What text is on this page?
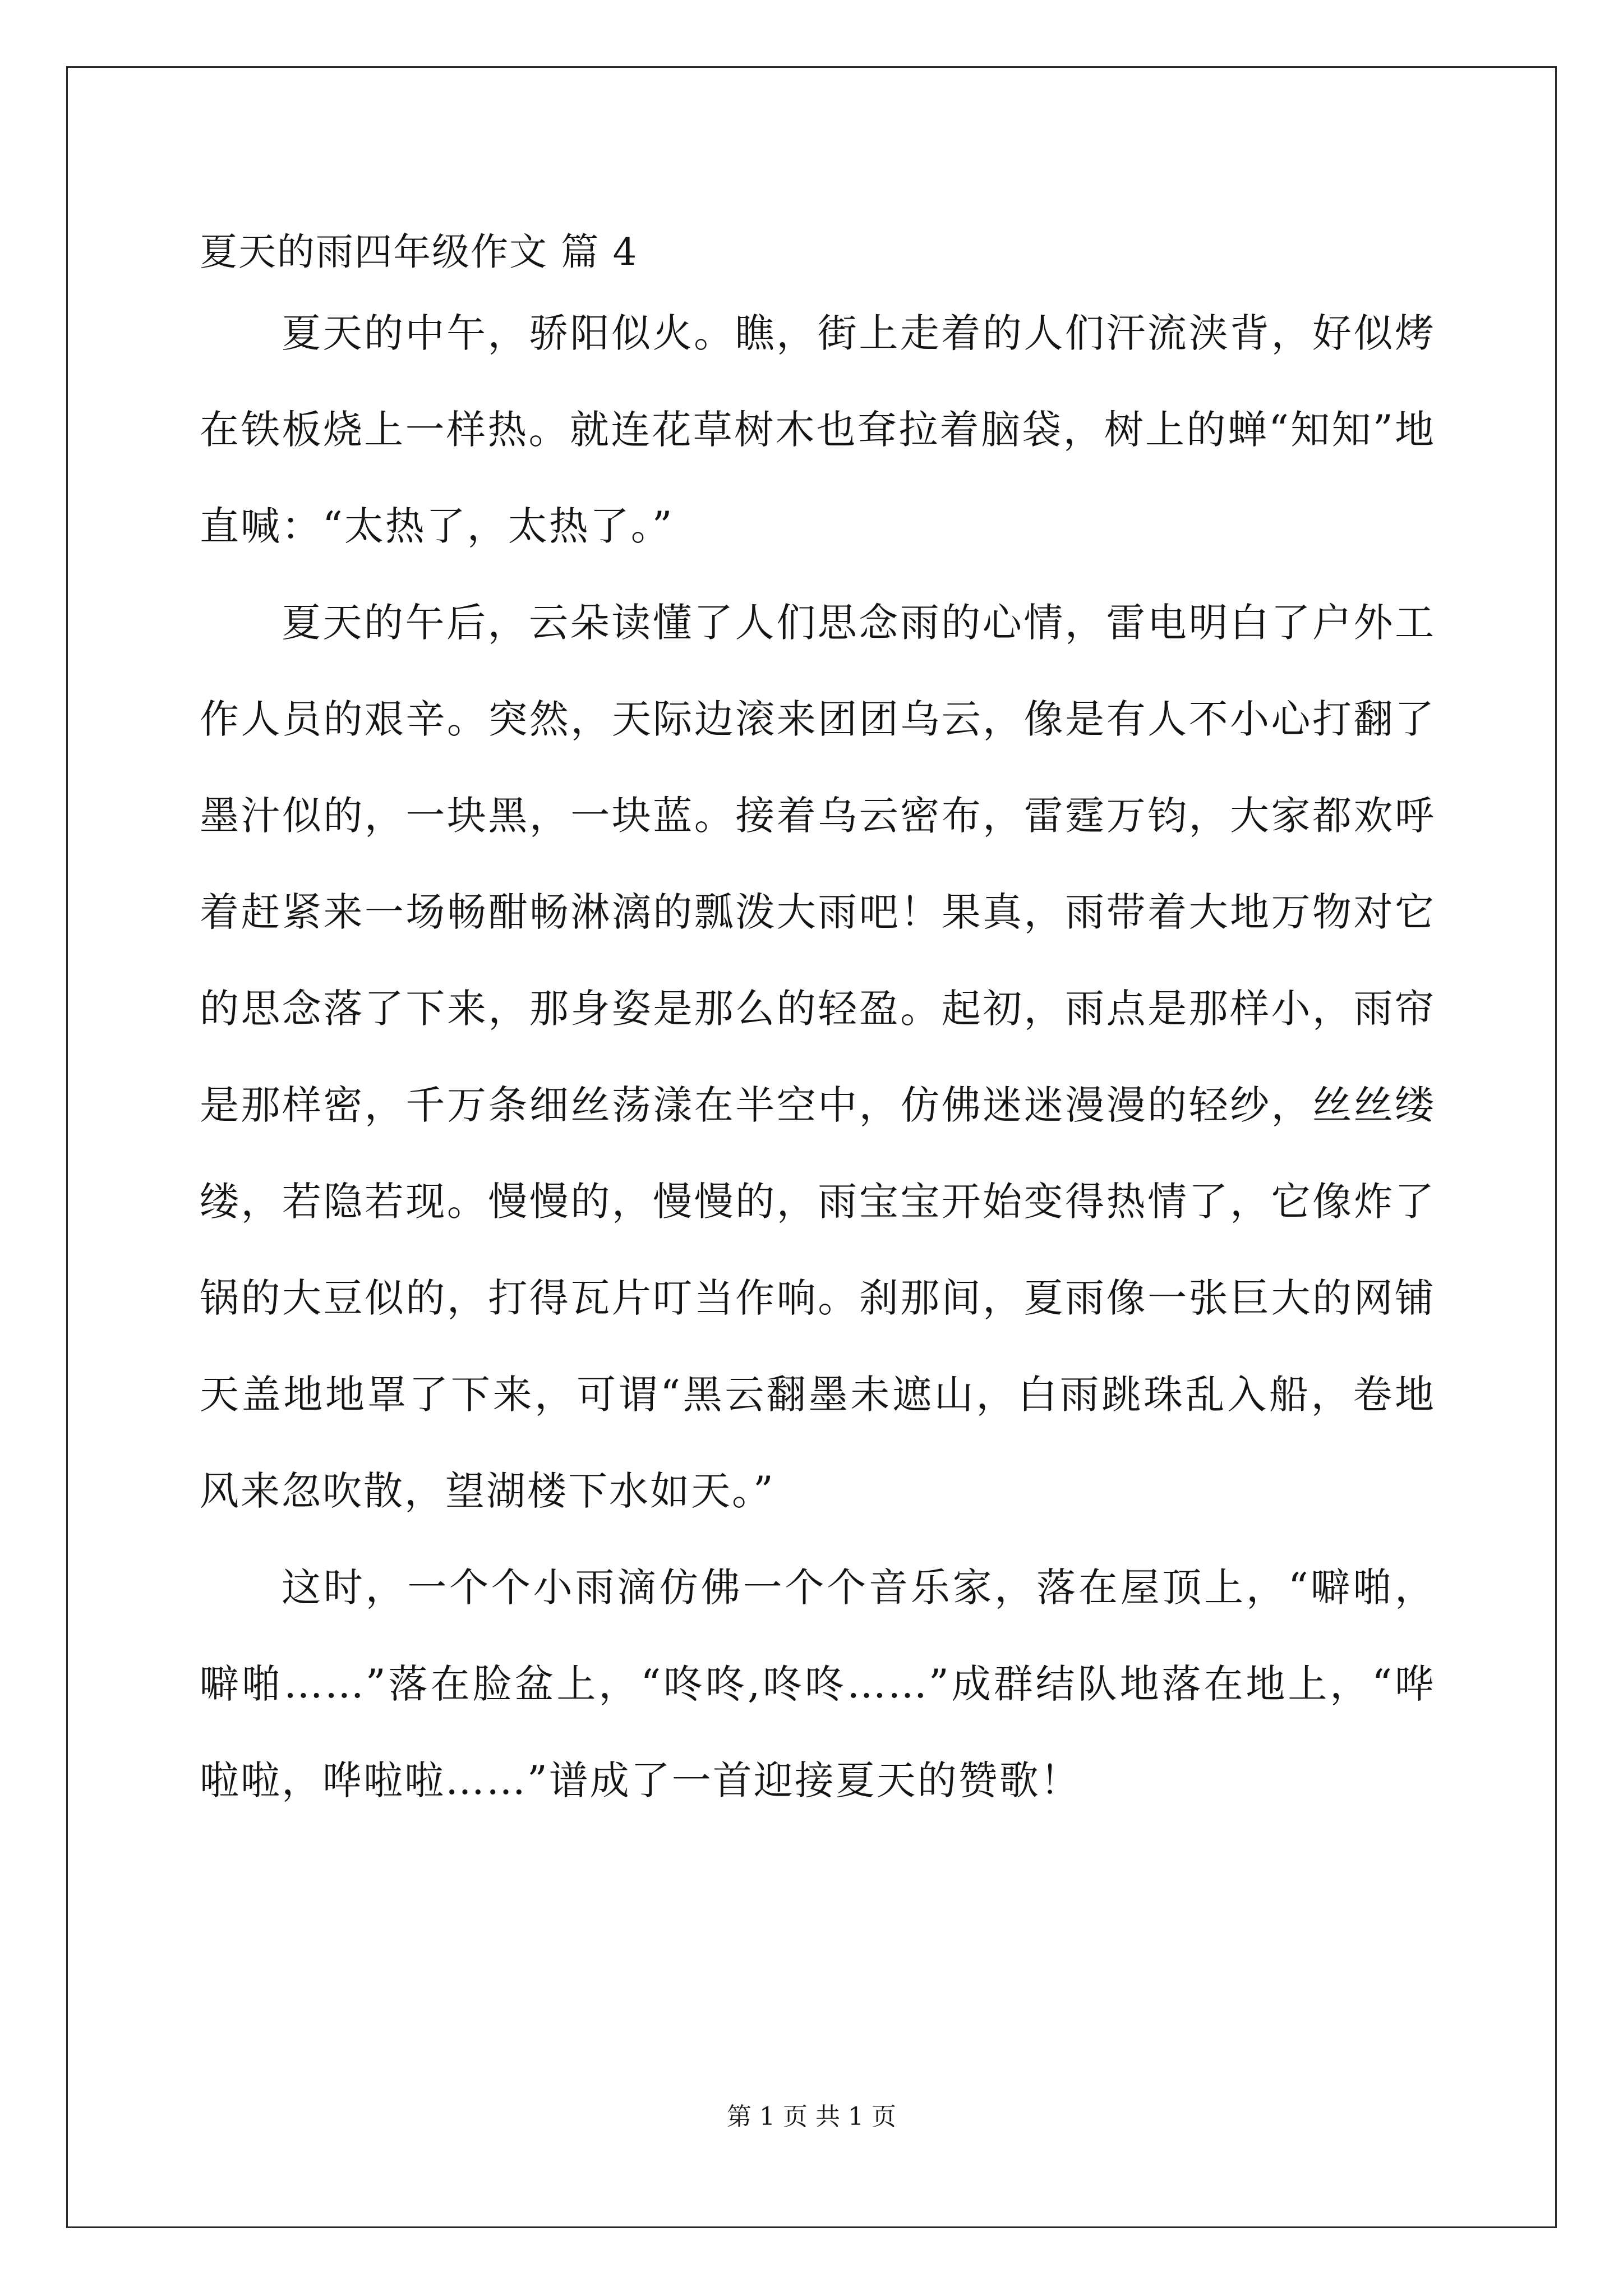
夏天的雨四年级作文 篇 4

夏天的中午，骄阳似火。瞧，街上走着的人们汗流浃背，好似烤在铁板烧上一样热。就连花草树木也耷拉着脑袋，树上的蝉“知知”地直喊：“太热了，太热了。”

夏天的午后，云朵读懂了人们思念雨的心情，雷电明白了户外工作人员的艰辛。突然，天际边滚来团团乌云，像是有人不小心打翻了墨汁似的，一块黑，一块蓝。接着乌云密布，雷霆万钧，大家都欢呼着赶紧来一场畅酣畅淋漓的瓢泼大雨吧！果真，雨带着大地万物对它的思念落了下来，那身姿是那么的轻盈。起初，雨点是那样小，雨帘是那样密，千万条细丝荡漾在半空中，仿佛迷迷漫漫的轻纱，丝丝缕缕，若隐若现。慢慢的，慢慢的，雨宝宝开始变得热情了，它像炸了锅的大豆似的，打得瓦片叮当作响。刹那间，夏雨像一张巨大的网铺天盖地地罩了下来，可谓“黑云翻墨未遮山，白雨跳珠乱入船，卷地风来忽吹散，望湖楼下水如天。”

这时，一个个小雨滴仿佛一个个音乐家，落在屋顶上，“噼啪，噼啪……”落在脸盆上，“咚咚,咚咚……”成群结队地落在地上，“哗啦啦，哗啦啦……”谱成了一首迎接夏天的赞歌！

第 1 页 共 1 页
